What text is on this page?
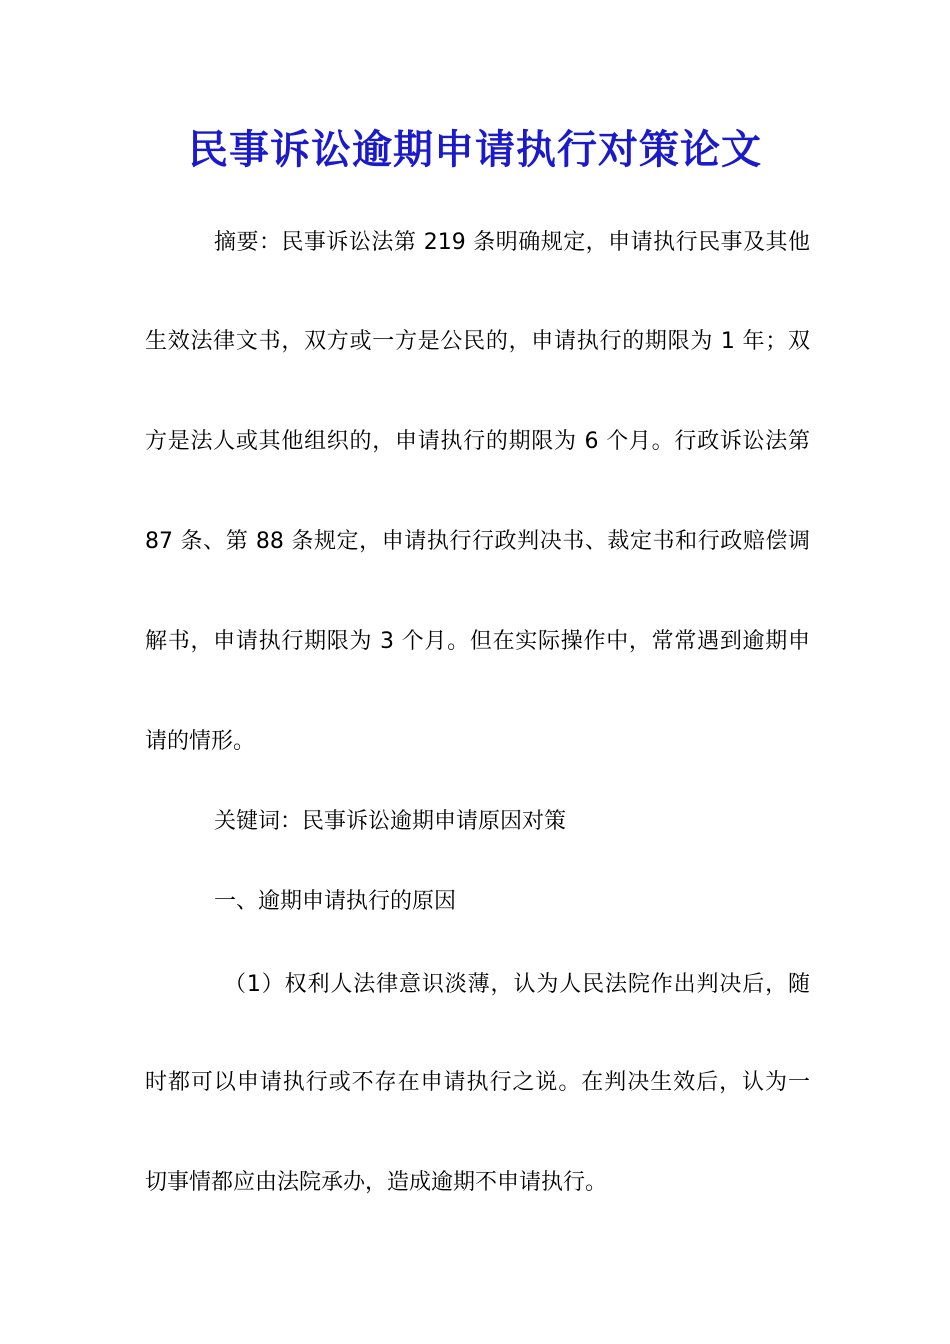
民事诉讼逾期申请执行对策论文

摘要：民事诉讼法第 219 条明确规定，申请执行民事及其他

生效法律文书，双方或一方是公民的，申请执行的期限为 1 年；双

方是法人或其他组织的，申请执行的期限为 6 个月。行政诉讼法第

87 条、第 88 条规定，申请执行行政判决书、裁定书和行政赔偿调

解书，申请执行期限为 3 个月。但在实际操作中，常常遇到逾期申

请的情形。

关键词：民事诉讼逾期申请原因对策

一、逾期申请执行的原因

（1）权利人法律意识淡薄，认为人民法院作出判决后，随

时都可以申请执行或不存在申请执行之说。在判决生效后，认为一

切事情都应由法院承办，造成逾期不申请执行。
